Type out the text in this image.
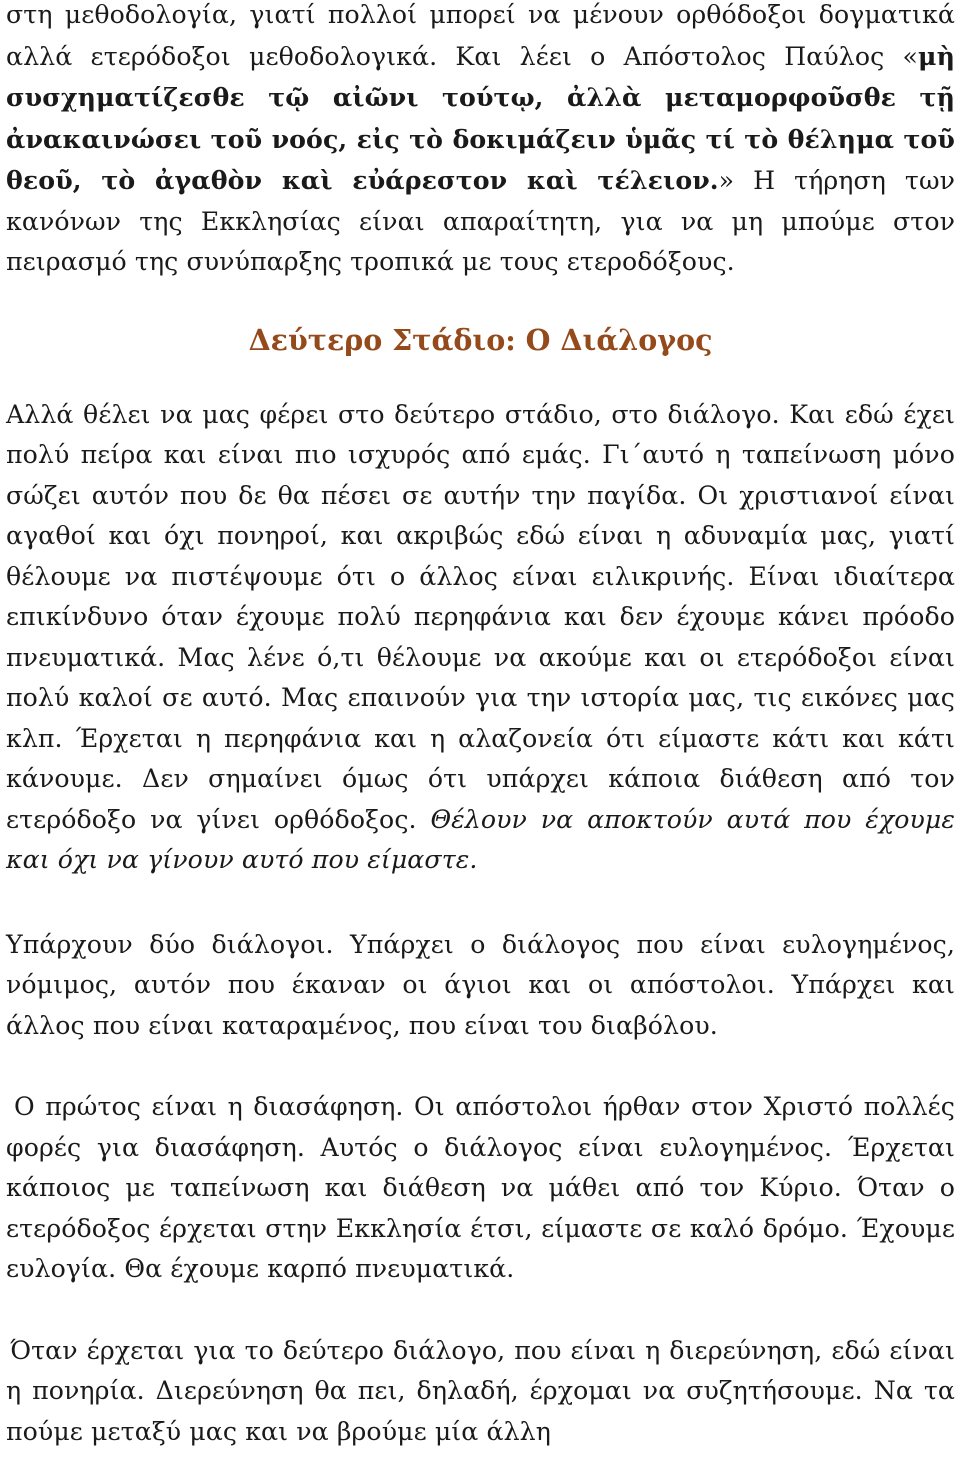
στη μεθοδολογία, γιατί πολλοί μπορεί να μένουν ορθόδοξοι δογματικά αλλά ετερόδοξοι μεθοδολογικά. Και λέει ο Απόστολος Παύλος «μὴ συσχηματίζεσθε τῷ αἰῶνι τούτῳ, ἀλλὰ μεταμορφοῦσθε τῇ ἀνακαινώσει τοῦ νοός, εἰς τὸ δοκιμάζειν ὑμᾶς τί τὸ θέλημα τοῦ θεοῦ, τὸ ἀγαθὸν καὶ εὐάρεστον καὶ τέλειον.» Η τήρηση των κανόνων της Εκκλησίας είναι απαραίτητη, για να μη μπούμε στον πειρασμό της συνύπαρξης τροπικά με τους ετεροδόξους.

Δεύτερο Στάδιο: Ο Διάλογος

Αλλά θέλει να μας φέρει στο δεύτερο στάδιο, στο διάλογο. Και εδώ έχει πολύ πείρα και είναι πιο ισχυρός από εμάς. Γι΄αυτό η ταπείνωση μόνο σώζει αυτόν που δε θα πέσει σε αυτήν την παγίδα. Οι χριστιανοί είναι αγαθοί και όχι πονηροί, και ακριβώς εδώ είναι η αδυναμία μας, γιατί θέλουμε να πιστέψουμε ότι ο άλλος είναι ειλικρινής. Είναι ιδιαίτερα επικίνδυνο όταν έχουμε πολύ περηφάνια και δεν έχουμε κάνει πρόοδο πνευματικά. Μας λένε ό,τι θέλουμε να ακούμε και οι ετερόδοξοι είναι πολύ καλοί σε αυτό. Μας επαινούν για την ιστορία μας, τις εικόνες μας κλπ. Έρχεται η περηφάνια και η αλαζονεία ότι είμαστε κάτι και κάτι κάνουμε. Δεν σημαίνει όμως ότι υπάρχει κάποια διάθεση από τον ετερόδοξο να γίνει ορθόδοξος. Θέλουν να αποκτούν αυτά που έχουμε και όχι να γίνουν αυτό που είμαστε.

Υπάρχουν δύο διάλογοι. Υπάρχει ο διάλογος που είναι ευλογημένος, νόμιμος, αυτόν που έκαναν οι άγιοι και οι απόστολοι. Υπάρχει και άλλος που είναι καταραμένος, που είναι του διαβόλου.

Ο πρώτος είναι η διασάφηση. Οι απόστολοι ήρθαν στον Χριστό πολλές φορές για διασάφηση. Αυτός ο διάλογος είναι ευλογημένος. Έρχεται κάποιος με ταπείνωση και διάθεση να μάθει από τον Κύριο. Όταν ο ετερόδοξος έρχεται στην Εκκλησία έτσι, είμαστε σε καλό δρόμο. Έχουμε ευλογία. Θα έχουμε καρπό πνευματικά.

Όταν έρχεται για το δεύτερο διάλογο, που είναι η διερεύνηση, εδώ είναι η πονηρία. Διερεύνηση θα πει, δηλαδή, έρχομαι να συζητήσουμε. Να τα πούμε μεταξύ μας και να βρούμε μία άλλη
